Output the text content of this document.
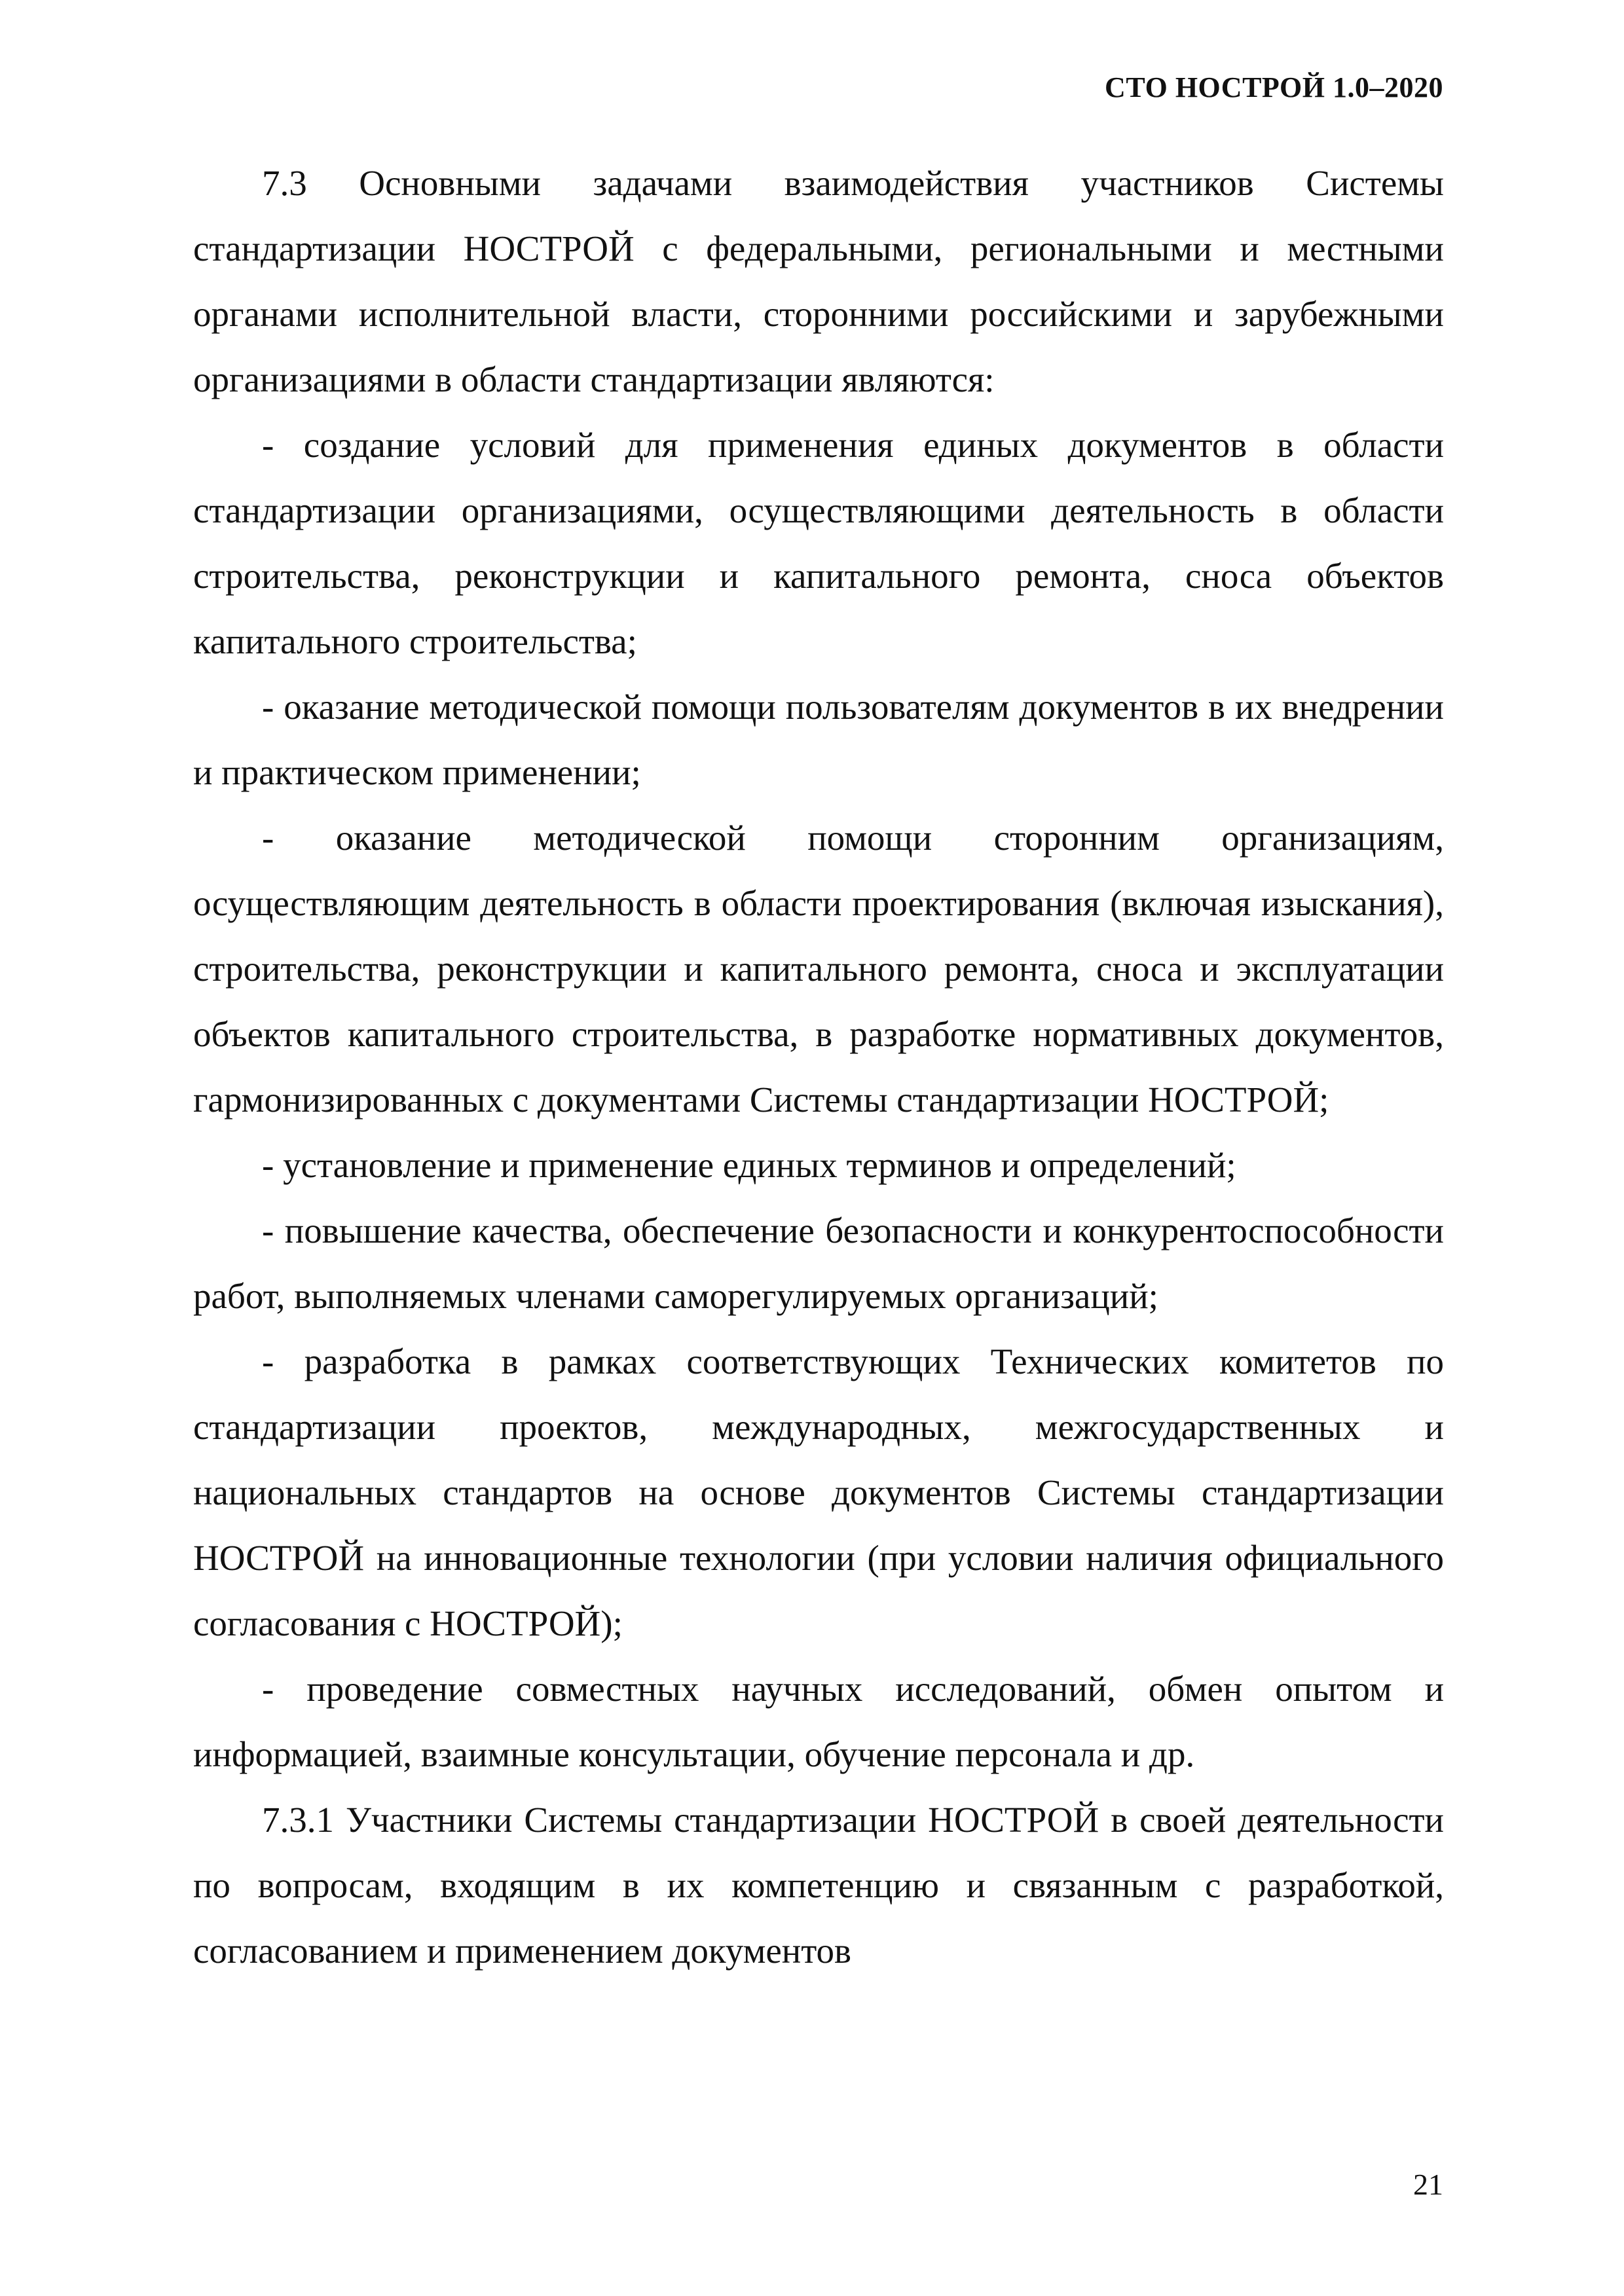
СТО НОСТРОЙ 1.0–2020

7.3 Основными задачами взаимодействия участников Системы стандартизации НОСТРОЙ с федеральными, региональными и местными органами исполнительной власти, сторонними российскими и зарубежными организациями в области стандартизации являются:

- создание условий для применения единых документов в области стандартизации организациями, осуществляющими деятельность в области строительства, реконструкции и капитального ремонта, сноса объектов капитального строительства;

- оказание методической помощи пользователям документов в их внедрении и практическом применении;

- оказание методической помощи сторонним организациям, осуществляющим деятельность в области проектирования (включая изыскания), строительства, реконструкции и капитального ремонта, сноса и эксплуатации объектов капитального строительства, в разработке нормативных документов, гармонизированных с документами Системы стандартизации НОСТРОЙ;

- установление и применение единых терминов и определений;

- повышение качества, обеспечение безопасности и конкурентоспособности работ, выполняемых членами саморегулируемых организаций;

- разработка в рамках соответствующих Технических комитетов по стандартизации проектов, международных, межгосударственных и национальных стандартов на основе документов Системы стандартизации НОСТРОЙ на инновационные технологии (при условии наличия официального согласования с НОСТРОЙ);

- проведение совместных научных исследований, обмен опытом и информацией, взаимные консультации, обучение персонала и др.

7.3.1 Участники Системы стандартизации НОСТРОЙ в своей деятельности по вопросам, входящим в их компетенцию и связанным с разработкой, согласованием и применением документов

21
